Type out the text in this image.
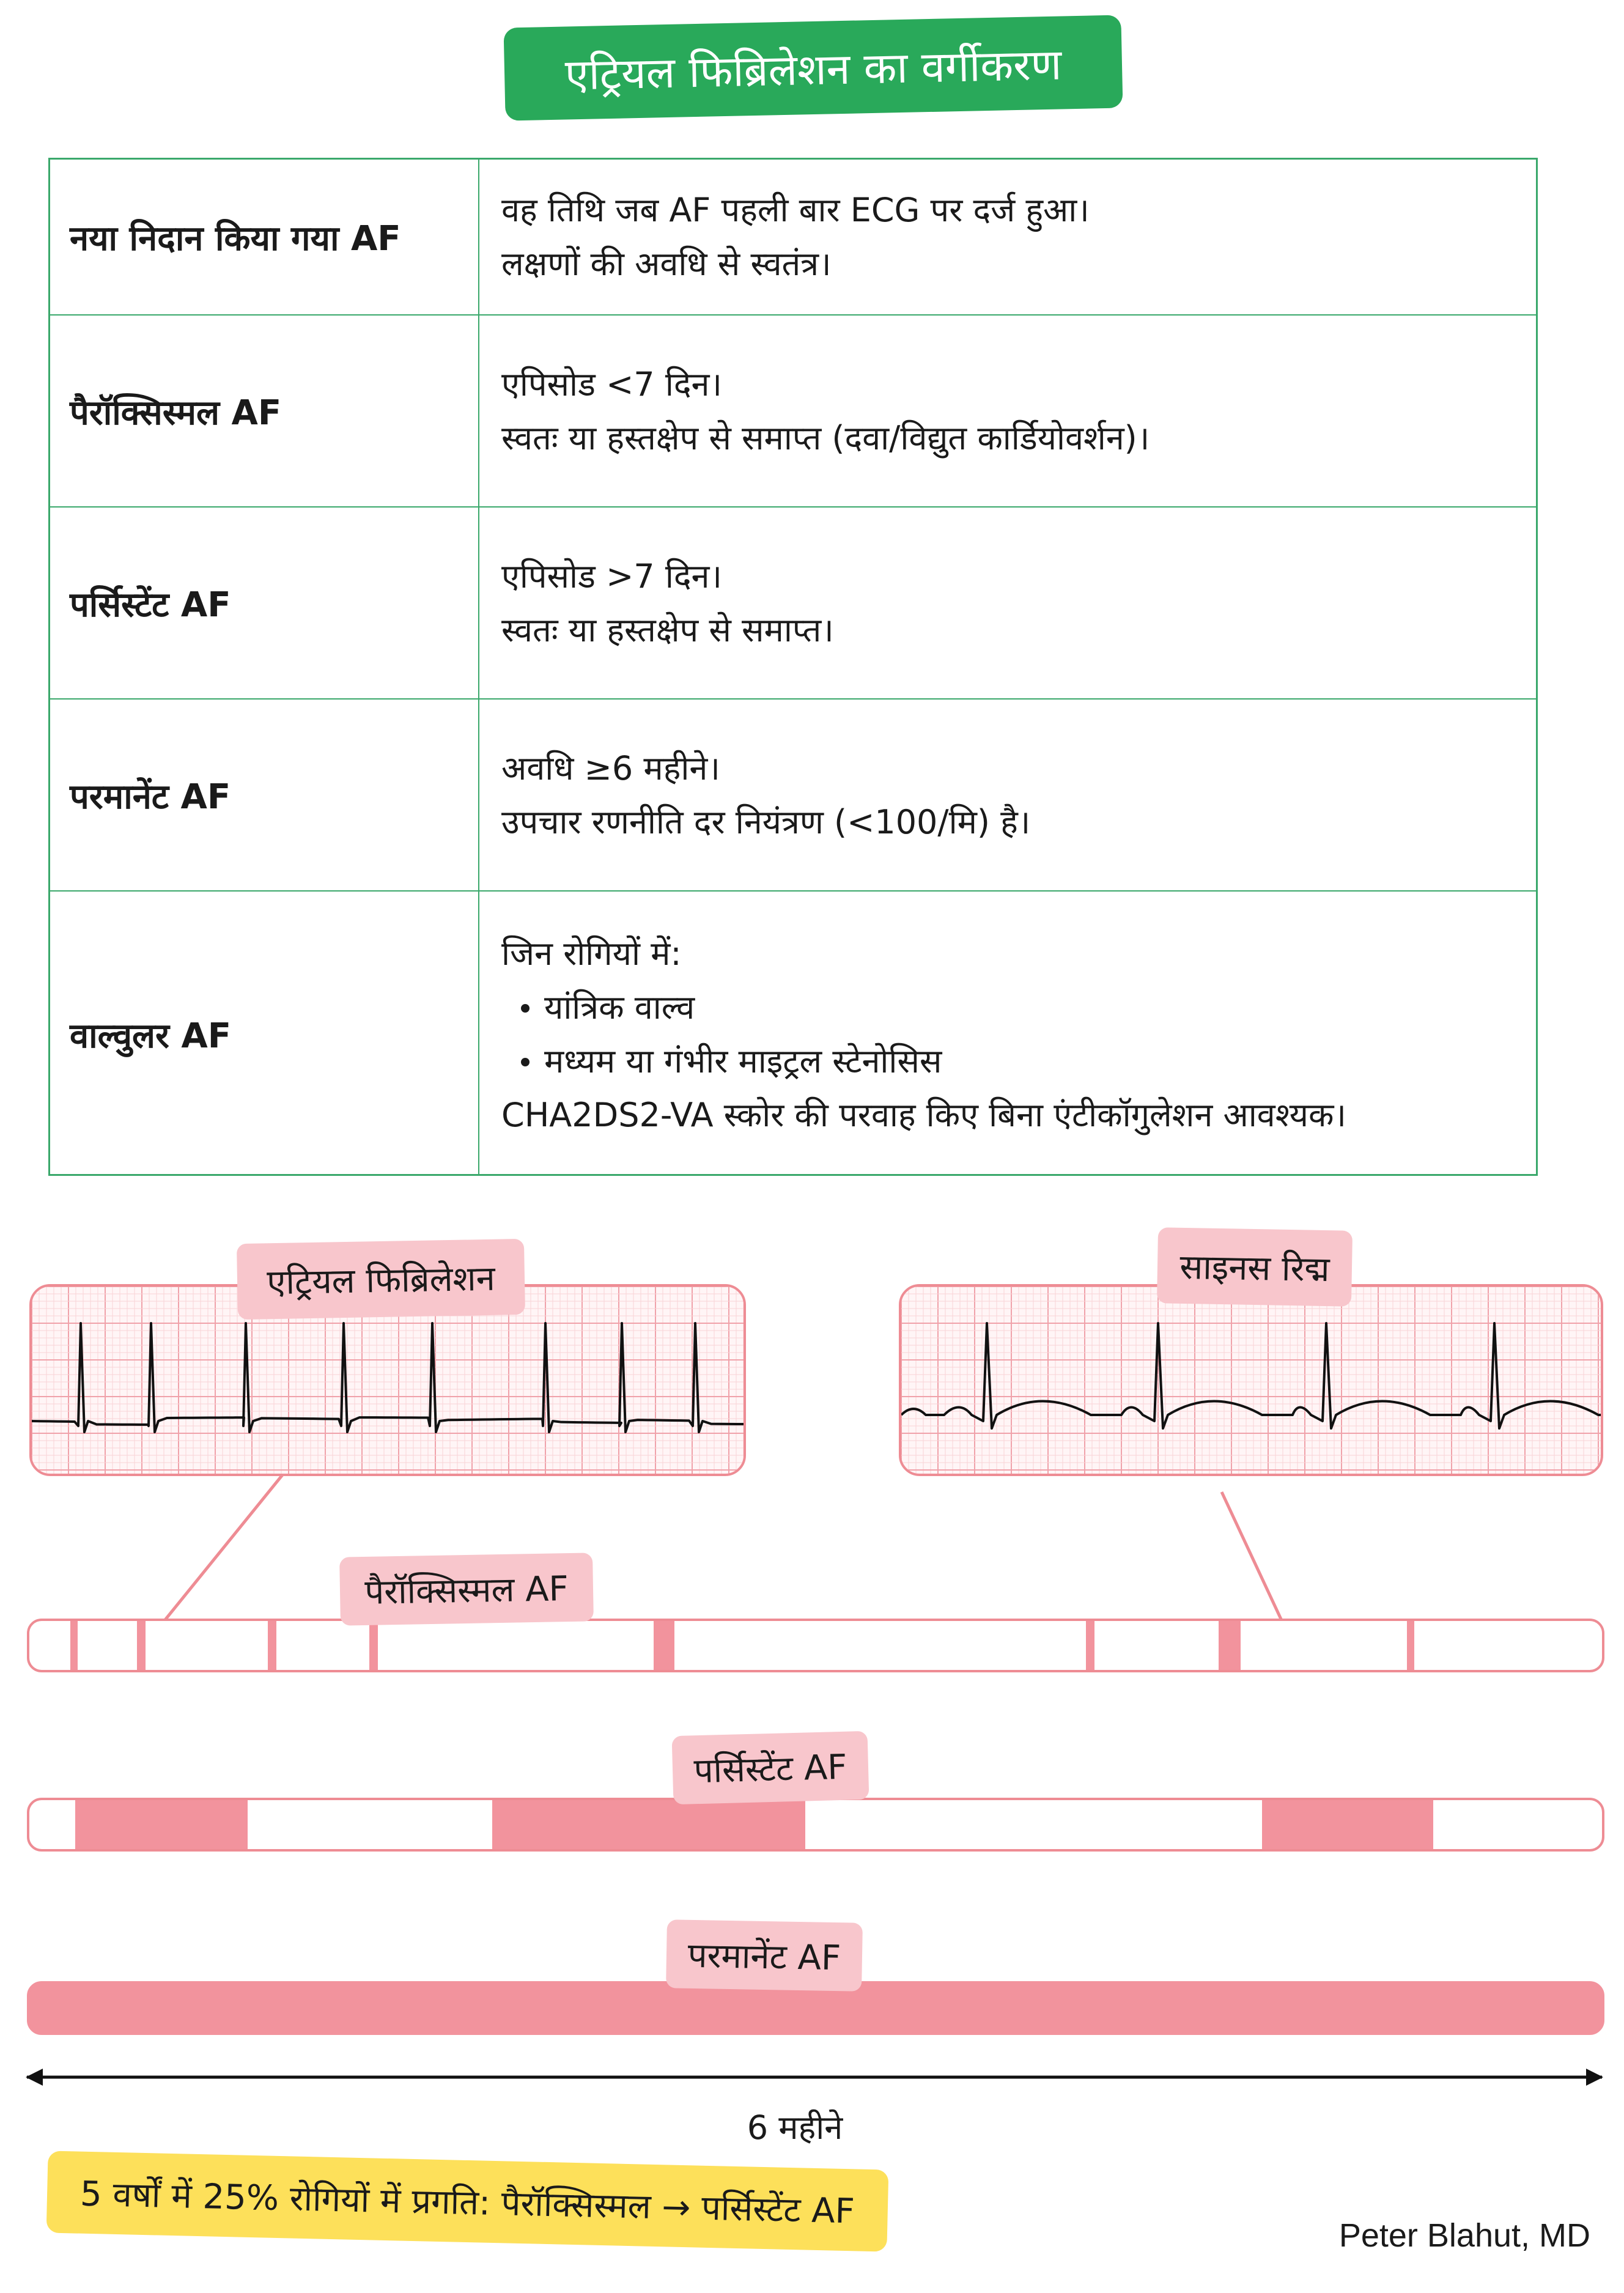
एट्रियल फिब्रिलेशन का वर्गीकरण
नया निदान किया गया AF
वह तिथि जब AF पहली बार ECG पर दर्ज हुआ।
लक्षणों की अवधि से स्वतंत्र।
पैरॉक्सिस्मल AF
एपिसोड <7 दिन।
स्वतः या हस्तक्षेप से समाप्त (दवा/विद्युत कार्डियोवर्शन)।
पर्सिस्टेंट AF
एपिसोड >7 दिन।
स्वतः या हस्तक्षेप से समाप्त।
परमानेंट AF
अवधि ≥6 महीने।
उपचार रणनीति दर नियंत्रण (<100/मि) है।
वाल्वुलर AF
जिन रोगियों में:
यांत्रिक वाल्व
मध्यम या गंभीर माइट्रल स्टेनोसिस
CHA2DS2-VA स्कोर की परवाह किए बिना एंटीकॉगुलेशन आवश्यक।
एट्रियल फिब्रिलेशन	साइनस रिद्म
पैरॉक्सिस्मल AF
पर्सिस्टेंट AF
परमानेंट AF
6 महीने
5 वर्षों में 25% रोगियों में प्रगति: पैरॉक्सिस्मल → पर्सिस्टेंट AF
Peter Blahut, MD
